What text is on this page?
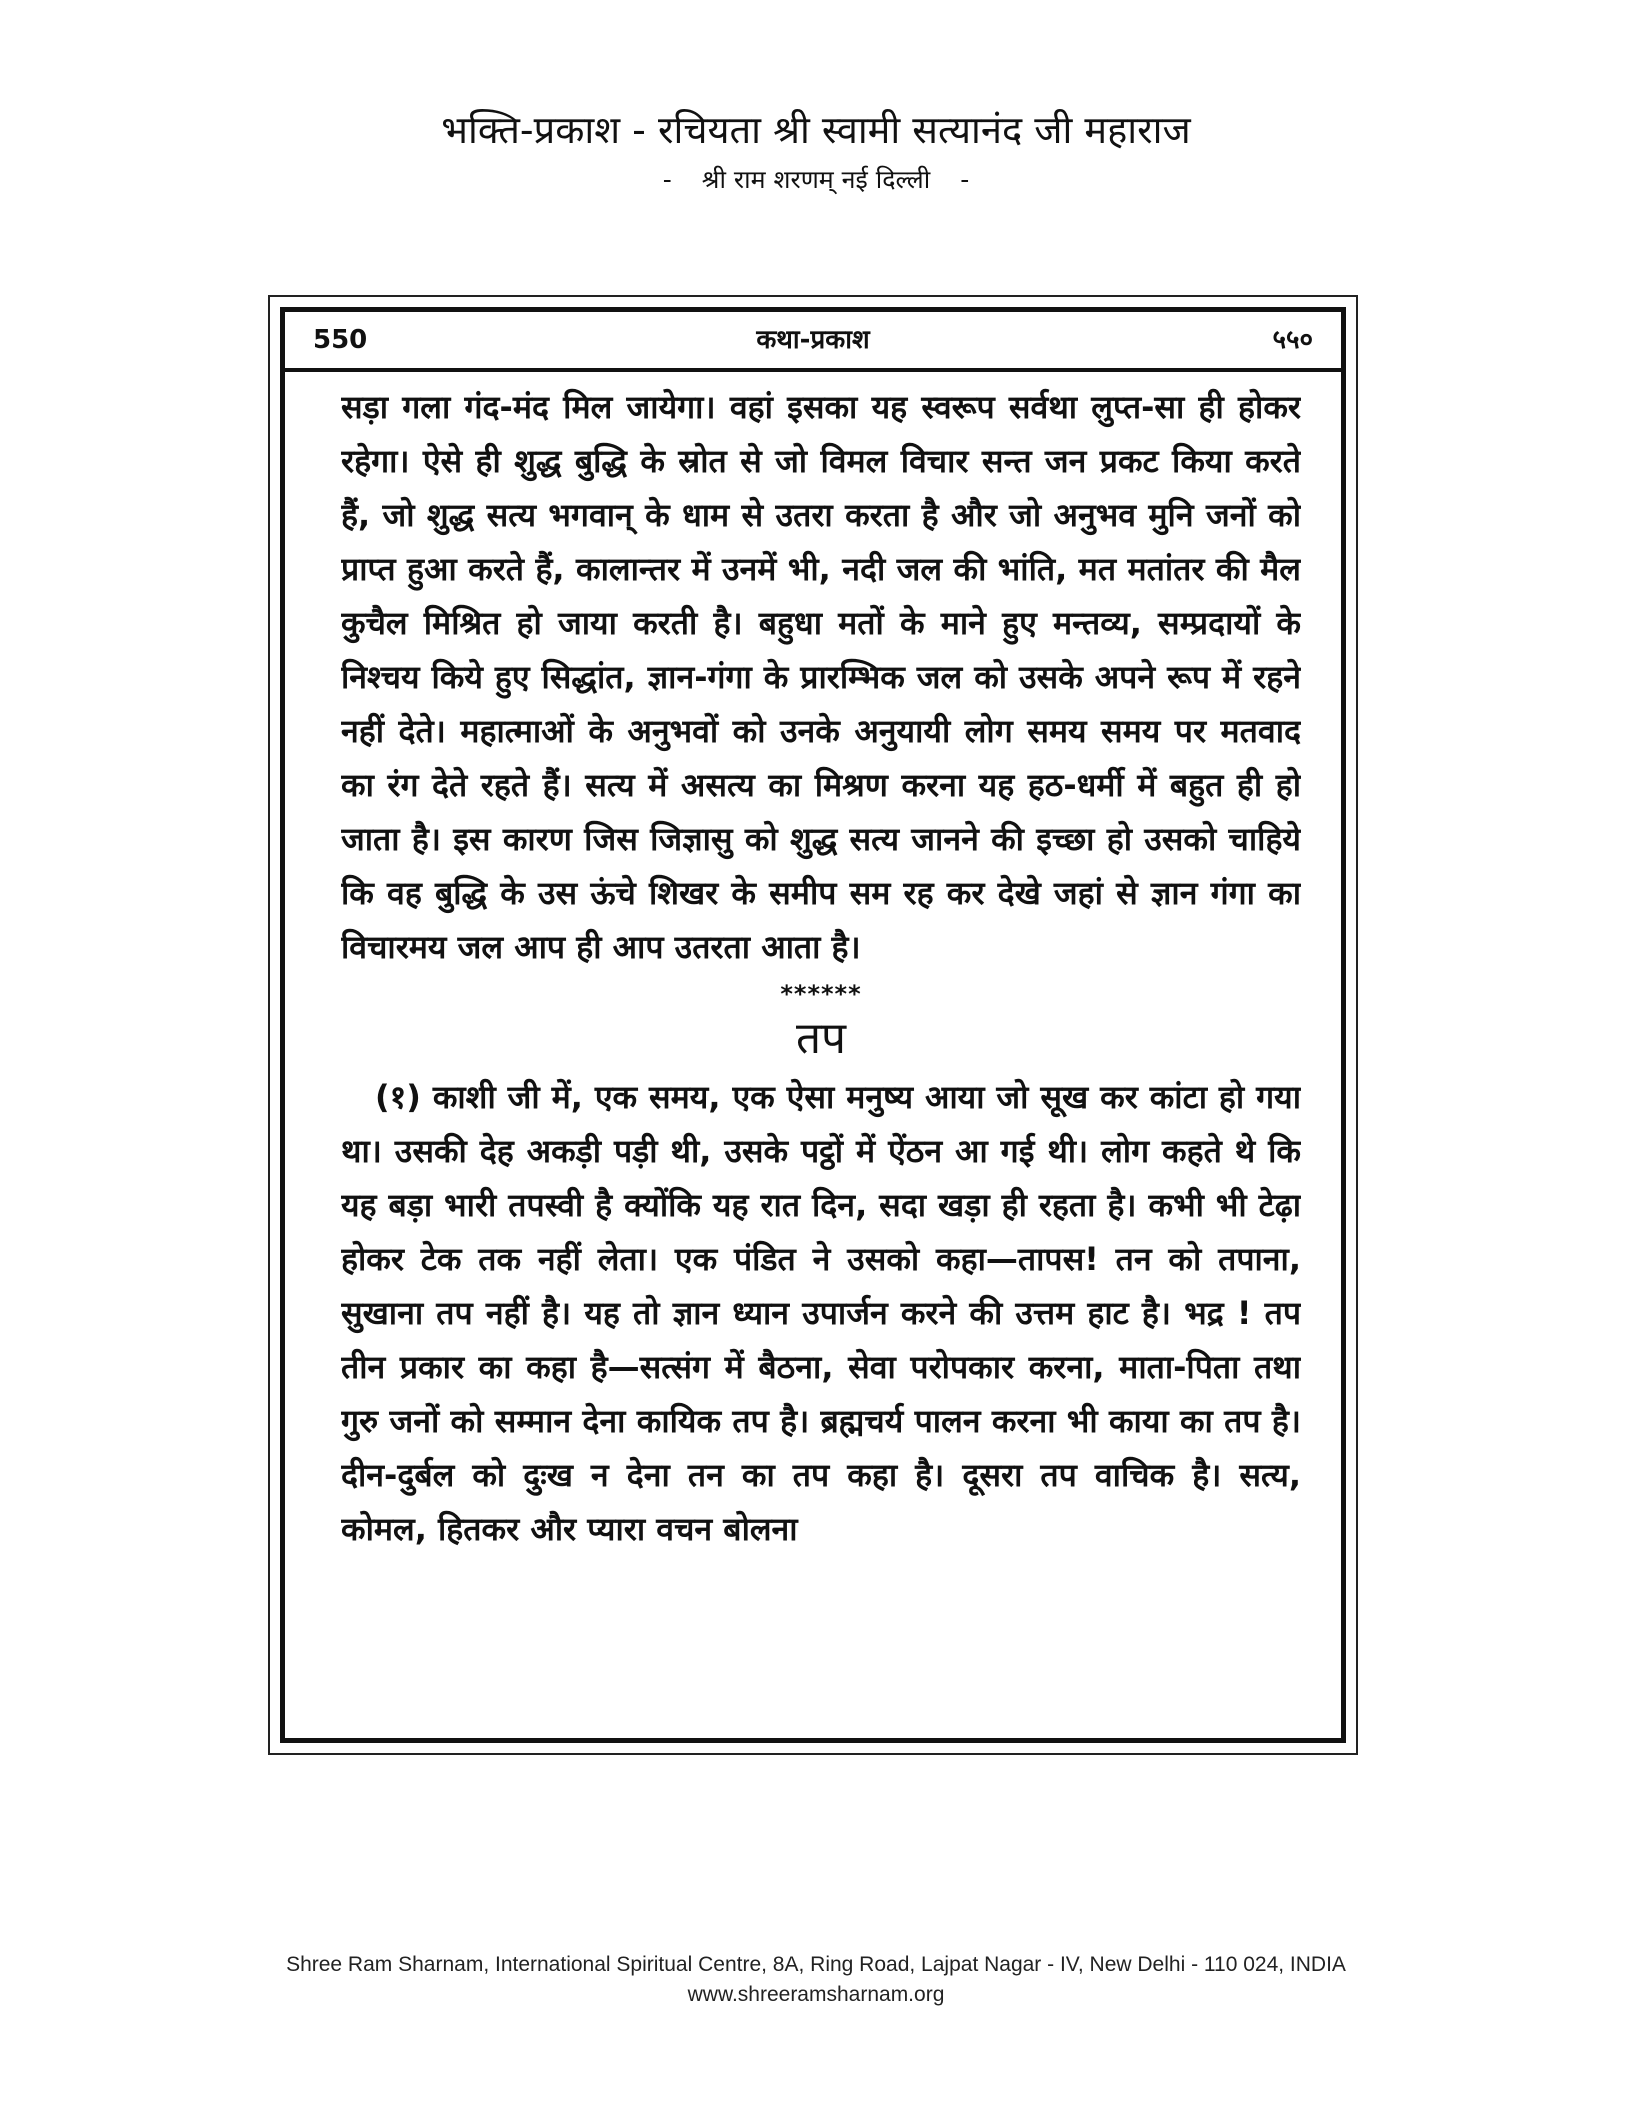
भक्ति-प्रकाश - रचियता श्री स्वामी सत्यानंद जी महाराज
- श्री राम शरणम् नई दिल्ली -
550	कथा-प्रकाश	५५०

सड़ा गला गंद-मंद मिल जायेगा। वहां इसका यह स्वरूप सर्वथा लुप्त-सा ही होकर रहेगा। ऐसे ही शुद्ध बुद्धि के स्रोत से जो विमल विचार सन्त जन प्रकट किया करते हैं, जो शुद्ध सत्य भगवान् के धाम से उतरा करता है और जो अनुभव मुनि जनों को प्राप्त हुआ करते हैं, कालान्तर में उनमें भी, नदी जल की भांति, मत मतांतर की मैल कुचैल मिश्रित हो जाया करती है। बहुधा मतों के माने हुए मन्तव्य, सम्प्रदायों के निश्चय किये हुए सिद्धांत, ज्ञान-गंगा के प्रारम्भिक जल को उसके अपने रूप में रहने नहीं देते। महात्माओं के अनुभवों को उनके अनुयायी लोग समय समय पर मतवाद का रंग देते रहते हैं। सत्य में असत्य का मिश्रण करना यह हठ-धर्मी में बहुत ही हो जाता है। इस कारण जिस जिज्ञासु को शुद्ध सत्य जानने की इच्छा हो उसको चाहिये कि वह बुद्धि के उस ऊंचे शिखर के समीप सम रह कर देखे जहां से ज्ञान गंगा का विचारमय जल आप ही आप उतरता आता है।

******
तप

(१) काशी जी में, एक समय, एक ऐसा मनुष्य आया जो सूख कर कांटा हो गया था। उसकी देह अकड़ी पड़ी थी, उसके पट्ठों में ऐंठन आ गई थी। लोग कहते थे कि यह बड़ा भारी तपस्वी है क्योंकि यह रात दिन, सदा खड़ा ही रहता है। कभी भी टेढ़ा होकर टेक तक नहीं लेता। एक पंडित ने उसको कहा—तापस! तन को तपाना, सुखाना तप नहीं है। यह तो ज्ञान ध्यान उपार्जन करने की उत्तम हाट है। भद्र ! तप तीन प्रकार का कहा है—सत्संग में बैठना, सेवा परोपकार करना, माता-पिता तथा गुरु जनों को सम्मान देना कायिक तप है। ब्रह्मचर्य पालन करना भी काया का तप है। दीन-दुर्बल को दुःख न देना तन का तप कहा है। दूसरा तप वाचिक है। सत्य, कोमल, हितकर और प्यारा वचन बोलना

Shree Ram Sharnam, International Spiritual Centre, 8A, Ring Road, Lajpat Nagar - IV, New Delhi - 110 024, INDIA
www.shreeramsharnam.org
